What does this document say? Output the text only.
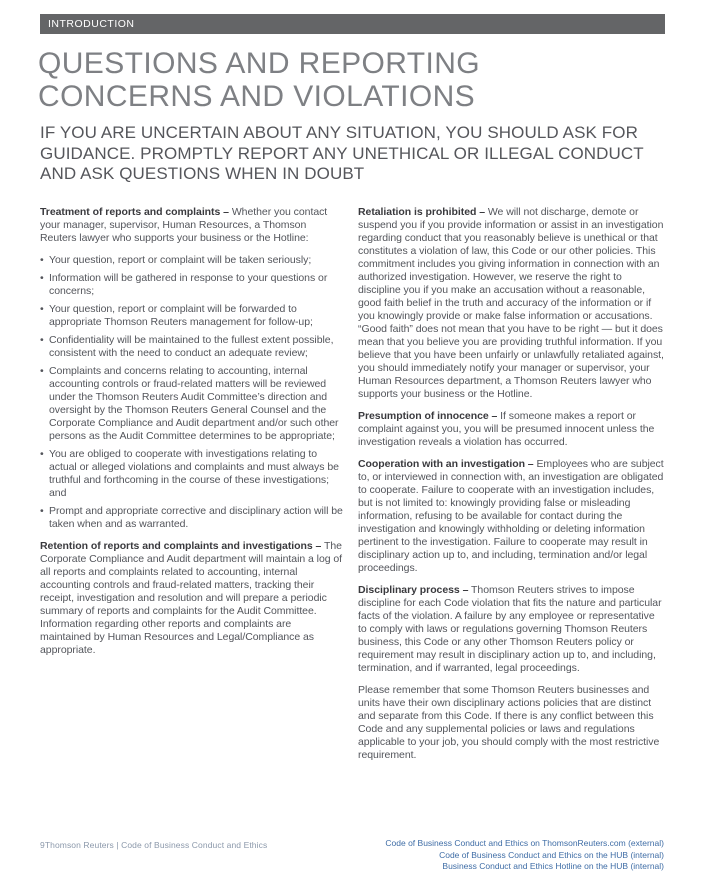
INTRODUCTION
QUESTIONS AND REPORTING
CONCERNS AND VIOLATIONS
IF YOU ARE UNCERTAIN ABOUT ANY SITUATION, YOU SHOULD ASK FOR GUIDANCE. PROMPTLY REPORT ANY UNETHICAL OR ILLEGAL CONDUCT AND ASK QUESTIONS WHEN IN DOUBT

Treatment of reports and complaints – Whether you contact your manager, supervisor, Human Resources, a Thomson Reuters lawyer who supports your business or the Hotline:

• Your question, report or complaint will be taken seriously;
• Information will be gathered in response to your questions or concerns;
• Your question, report or complaint will be forwarded to appropriate Thomson Reuters management for follow-up;
• Confidentiality will be maintained to the fullest extent possible, consistent with the need to conduct an adequate review;
• Complaints and concerns relating to accounting, internal accounting controls or fraud-related matters will be reviewed under the Thomson Reuters Audit Committee’s direction and oversight by the Thomson Reuters General Counsel and the Corporate Compliance and Audit department and/or such other persons as the Audit Committee determines to be appropriate;
• You are obliged to cooperate with investigations relating to actual or alleged violations and complaints and must always be truthful and forthcoming in the course of these investigations; and
• Prompt and appropriate corrective and disciplinary action will be taken when and as warranted.

Retention of reports and complaints and investigations – The Corporate Compliance and Audit department will maintain a log of all reports and complaints related to accounting, internal accounting controls and fraud-related matters, tracking their receipt, investigation and resolution and will prepare a periodic summary of reports and complaints for the Audit Committee. Information regarding other reports and complaints are maintained by Human Resources and Legal/Compliance as appropriate.

Retaliation is prohibited – We will not discharge, demote or suspend you if you provide information or assist in an investigation regarding conduct that you reasonably believe is unethical or that constitutes a violation of law, this Code or our other policies. This commitment includes you giving information in connection with an authorized investigation. However, we reserve the right to discipline you if you make an accusation without a reasonable, good faith belief in the truth and accuracy of the information or if you knowingly provide or make false information or accusations. “Good faith” does not mean that you have to be right — but it does mean that you believe you are providing truthful information. If you believe that you have been unfairly or unlawfully retaliated against, you should immediately notify your manager or supervisor, your Human Resources department, a Thomson Reuters lawyer who supports your business or the Hotline.

Presumption of innocence – If someone makes a report or complaint against you, you will be presumed innocent unless the investigation reveals a violation has occurred.

Cooperation with an investigation – Employees who are subject to, or interviewed in connection with, an investigation are obligated to cooperate. Failure to cooperate with an investigation includes, but is not limited to: knowingly providing false or misleading information, refusing to be available for contact during the investigation and knowingly withholding or deleting information pertinent to the investigation. Failure to cooperate may result in disciplinary action up to, and including, termination and/or legal proceedings.

Disciplinary process – Thomson Reuters strives to impose discipline for each Code violation that fits the nature and particular facts of the violation. A failure by any employee or representative to comply with laws or regulations governing Thomson Reuters business, this Code or any other Thomson Reuters policy or requirement may result in disciplinary action up to, and including, termination, and if warranted, legal proceedings.

Please remember that some Thomson Reuters businesses and units have their own disciplinary actions policies that are distinct and separate from this Code. If there is any conflict between this Code and any supplemental policies or laws and regulations applicable to your job, you should comply with the most restrictive requirement.

9Thomson Reuters | Code of Business Conduct and Ethics	Code of Business Conduct and Ethics on ThomsonReuters.com (external)
Code of Business Conduct and Ethics on the HUB (internal)
Business Conduct and Ethics Hotline on the HUB (internal)
